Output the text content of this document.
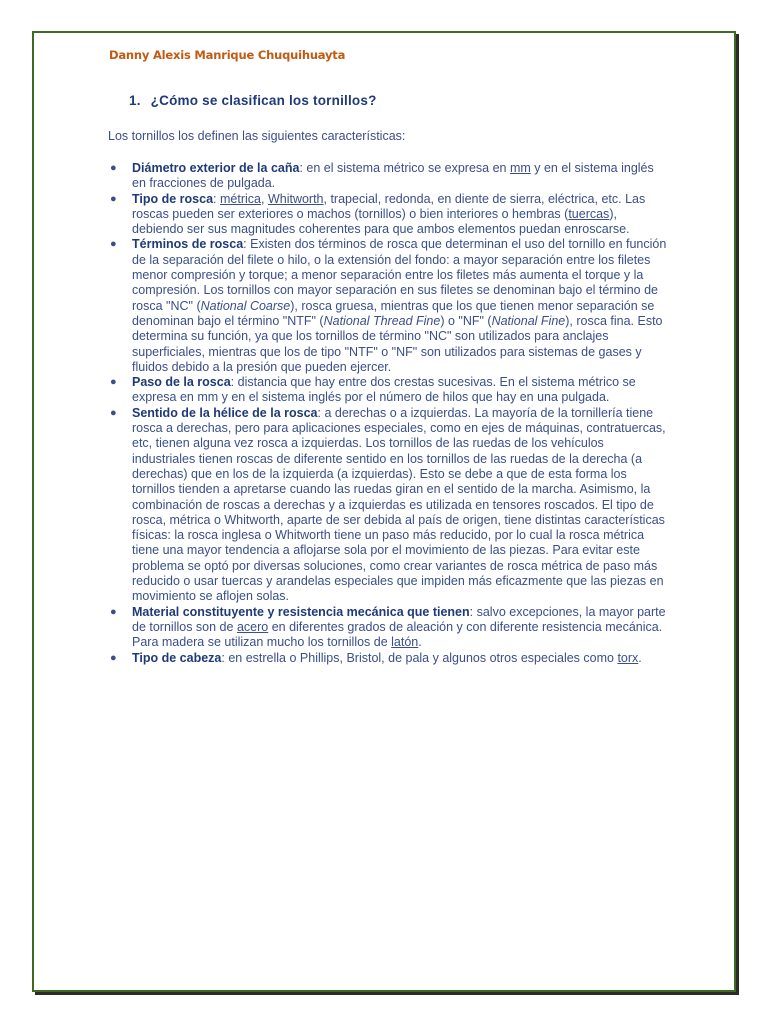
Danny Alexis Manrique Chuquihuayta
1. ¿Cómo se clasifican los tornillos?
Los tornillos los definen las siguientes características:
● Diámetro exterior de la caña: en el sistema métrico se expresa en mm y en el sistema inglés en fracciones de pulgada.
● Tipo de rosca: métrica, Whitworth, trapecial, redonda, en diente de sierra, eléctrica, etc. Las roscas pueden ser exteriores o machos (tornillos) o bien interiores o hembras (tuercas), debiendo ser sus magnitudes coherentes para que ambos elementos puedan enroscarse.
● Términos de rosca: Existen dos términos de rosca que determinan el uso del tornillo en función de la separación del filete o hilo, o la extensión del fondo: a mayor separación entre los filetes menor compresión y torque; a menor separación entre los filetes más aumenta el torque y la compresión. Los tornillos con mayor separación en sus filetes se denominan bajo el término de rosca "NC" (National Coarse), rosca gruesa, mientras que los que tienen menor separación se denominan bajo el término "NTF" (National Thread Fine) o "NF" (National Fine), rosca fina. Esto determina su función, ya que los tornillos de término "NC" son utilizados para anclajes superficiales, mientras que los de tipo "NTF" o "NF" son utilizados para sistemas de gases y fluidos debido a la presión que pueden ejercer.
● Paso de la rosca: distancia que hay entre dos crestas sucesivas. En el sistema métrico se expresa en mm y en el sistema inglés por el número de hilos que hay en una pulgada.
● Sentido de la hélice de la rosca: a derechas o a izquierdas. La mayoría de la tornillería tiene rosca a derechas, pero para aplicaciones especiales, como en ejes de máquinas, contratuercas, etc, tienen alguna vez rosca a izquierdas. Los tornillos de las ruedas de los vehículos industriales tienen roscas de diferente sentido en los tornillos de las ruedas de la derecha (a derechas) que en los de la izquierda (a izquierdas). Esto se debe a que de esta forma los tornillos tienden a apretarse cuando las ruedas giran en el sentido de la marcha. Asimismo, la combinación de roscas a derechas y a izquierdas es utilizada en tensores roscados. El tipo de rosca, métrica o Whitworth, aparte de ser debida al país de origen, tiene distintas características físicas: la rosca inglesa o Whitworth tiene un paso más reducido, por lo cual la rosca métrica tiene una mayor tendencia a aflojarse sola por el movimiento de las piezas. Para evitar este problema se optó por diversas soluciones, como crear variantes de rosca métrica de paso más reducido o usar tuercas y arandelas especiales que impiden más eficazmente que las piezas en movimiento se aflojen solas.
● Material constituyente y resistencia mecánica que tienen: salvo excepciones, la mayor parte de tornillos son de acero en diferentes grados de aleación y con diferente resistencia mecánica. Para madera se utilizan mucho los tornillos de latón.
● Tipo de cabeza: en estrella o Phillips, Bristol, de pala y algunos otros especiales como torx.
